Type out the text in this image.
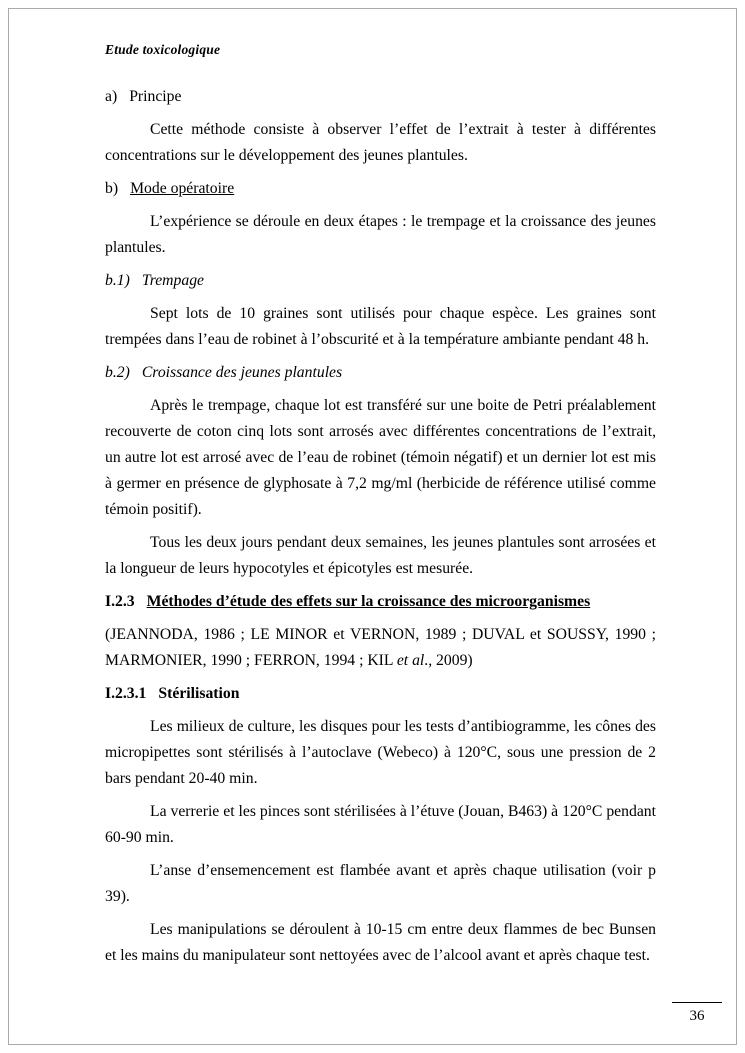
Etude toxicologique

a) Principe

Cette méthode consiste à observer l’effet de l’extrait à tester à différentes concentrations sur le développement des jeunes plantules.

b) Mode opératoire

L’expérience se déroule en deux étapes : le trempage et la croissance des jeunes plantules.

b.1) Trempage

Sept lots de 10 graines sont utilisés pour chaque espèce. Les graines sont trempées dans l’eau de robinet à l’obscurité et à la température ambiante pendant 48 h.

b.2) Croissance des jeunes plantules

Après le trempage, chaque lot est transféré sur une boite de Petri préalablement recouverte de coton cinq lots sont arrosés avec différentes concentrations de l’extrait, un autre lot est arrosé avec de l’eau de robinet (témoin négatif) et un dernier lot est mis à germer en présence de glyphosate à 7,2 mg/ml (herbicide de référence utilisé comme témoin positif).

Tous les deux jours pendant deux semaines, les jeunes plantules sont arrosées et la longueur de leurs hypocotyles et épicotyles est mesurée.

I.2.3 Méthodes d’étude des effets sur la croissance des microorganismes

(JEANNODA, 1986 ; LE MINOR et VERNON, 1989 ; DUVAL et SOUSSY, 1990 ; MARMONIER, 1990 ; FERRON, 1994 ; KIL et al., 2009)

I.2.3.1 Stérilisation

Les milieux de culture, les disques pour les tests d’antibiogramme, les cônes des micropipettes sont stérilisés à l’autoclave (Webeco) à 120°C, sous une pression de 2 bars pendant 20-40 min.

La verrerie et les pinces sont stérilisées à l’étuve (Jouan, B463) à 120°C pendant 60-90 min.

L’anse d’ensemencement est flambée avant et après chaque utilisation (voir p 39).

Les manipulations se déroulent à 10-15 cm entre deux flammes de bec Bunsen et les mains du manipulateur sont nettoyées avec de l’alcool avant et après chaque test.

36
